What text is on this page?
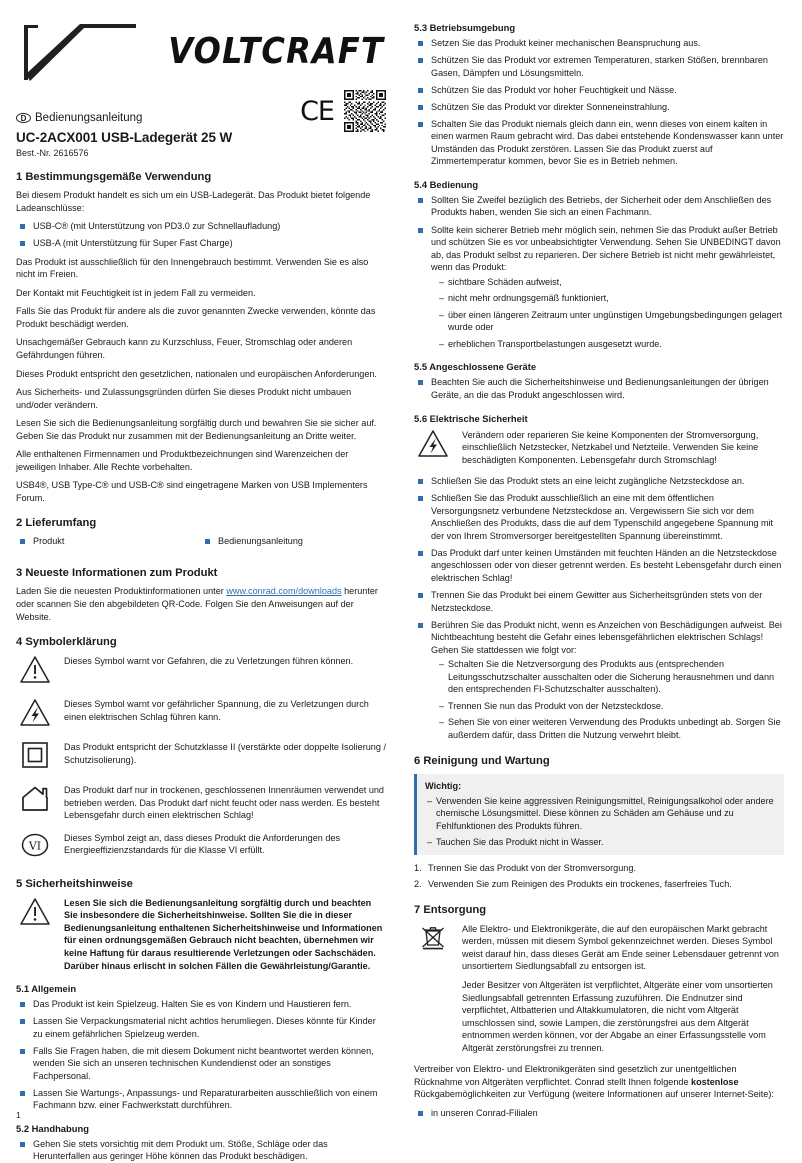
VOLTCRAFT
D Bedienungsanleitung
UC-2ACX001 USB-Ladegerät 25 W
Best.-Nr. 2616576
CE
1 Bestimmungsgemäße Verwendung

Bei diesem Produkt handelt es sich um ein USB-Ladegerät. Das Produkt bietet folgende Ladeanschlüsse:

USB-C® (mit Unterstützung von PD3.0 zur Schnellaufladung)
USB-A (mit Unterstützung für Super Fast Charge)

Das Produkt ist ausschließlich für den Innengebrauch bestimmt. Verwenden Sie es also nicht im Freien.

Der Kontakt mit Feuchtigkeit ist in jedem Fall zu vermeiden.

Falls Sie das Produkt für andere als die zuvor genannten Zwecke verwenden, könnte das Produkt beschädigt werden.

Unsachgemäßer Gebrauch kann zu Kurzschluss, Feuer, Stromschlag oder anderen Gefährdungen führen.

Dieses Produkt entspricht den gesetzlichen, nationalen und europäischen Anforderungen.

Aus Sicherheits- und Zulassungsgründen dürfen Sie dieses Produkt nicht umbauen und/oder verändern.

Lesen Sie sich die Bedienungsanleitung sorgfältig durch und bewahren Sie sie sicher auf. Geben Sie das Produkt nur zusammen mit der Bedienungsanleitung an Dritte weiter.

Alle enthaltenen Firmennamen und Produktbezeichnungen sind Warenzeichen der jeweiligen Inhaber. Alle Rechte vorbehalten.

USB4®, USB Type-C® und USB-C® sind eingetragene Marken von USB Implementers Forum.

2 Lieferumfang
Produkt	Bedienungsanleitung
3 Neueste Informationen zum Produkt

Laden Sie die neuesten Produktinformationen unter www.conrad.com/downloads herunter oder scannen Sie den abgebildeten QR-Code. Folgen Sie den Anweisungen auf der Website.

4 Symbolerklärung
Dieses Symbol warnt vor Gefahren, die zu Verletzungen führen können.
Dieses Symbol warnt vor gefährlicher Spannung, die zu Verletzungen durch einen elektrischen Schlag führen kann.
Das Produkt entspricht der Schutzklasse II (verstärkte oder doppelte Isolierung / Schutzisolierung).
Das Produkt darf nur in trockenen, geschlossenen Innenräumen verwendet und betrieben werden. Das Produkt darf nicht feucht oder nass werden. Es besteht Lebensgefahr durch einen elektrischen Schlag!
VI
Dieses Symbol zeigt an, dass dieses Produkt die Anforderungen des Energieeffizienzstandards für die Klasse VI erfüllt.
5 Sicherheitshinweise
Lesen Sie sich die Bedienungsanleitung sorgfältig durch und beachten Sie insbesondere die Sicherheitshinweise. Sollten Sie die in dieser Bedienungsanleitung enthaltenen Sicherheitshinweise und Informationen für einen ordnungsgemäßen Gebrauch nicht beachten, übernehmen wir keine Haftung für daraus resultierende Verletzungen oder Sachschäden. Darüber hinaus erlischt in solchen Fällen die Gewährleistung/Garantie.
5.1 Allgemein
Das Produkt ist kein Spielzeug. Halten Sie es von Kindern und Haustieren fern.
Lassen Sie Verpackungsmaterial nicht achtlos herumliegen. Dieses könnte für Kinder zu einem gefährlichen Spielzeug werden.
Falls Sie Fragen haben, die mit diesem Dokument nicht beantwortet werden können, wenden Sie sich an unseren technischen Kundendienst oder an sonstiges Fachpersonal.
Lassen Sie Wartungs-, Anpassungs- und Reparaturarbeiten ausschließlich von einem Fachmann bzw. einer Fachwerkstatt durchführen.
5.2 Handhabung
Gehen Sie stets vorsichtig mit dem Produkt um. Stöße, Schläge oder das Herunterfallen aus geringer Höhe können das Produkt beschädigen.
5.3 Betriebsumgebung
Setzen Sie das Produkt keiner mechanischen Beanspruchung aus.
Schützen Sie das Produkt vor extremen Temperaturen, starken Stößen, brennbaren Gasen, Dämpfen und Lösungsmitteln.
Schützen Sie das Produkt vor hoher Feuchtigkeit und Nässe.
Schützen Sie das Produkt vor direkter Sonneneinstrahlung.
Schalten Sie das Produkt niemals gleich dann ein, wenn dieses von einem kalten in einen warmen Raum gebracht wird. Das dabei entstehende Kondenswasser kann unter Umständen das Produkt zerstören. Lassen Sie das Produkt zuerst auf Zimmertemperatur kommen, bevor Sie es in Betrieb nehmen.
5.4 Bedienung
Sollten Sie Zweifel bezüglich des Betriebs, der Sicherheit oder dem Anschließen des Produkts haben, wenden Sie sich an einen Fachmann.
Sollte kein sicherer Betrieb mehr möglich sein, nehmen Sie das Produkt außer Betrieb und schützen Sie es vor unbeabsichtigter Verwendung. Sehen Sie UNBEDINGT davon ab, das Produkt selbst zu reparieren. Der sichere Betrieb ist nicht mehr gewährleistet, wenn das Produkt:
– sichtbare Schäden aufweist,
– nicht mehr ordnungsgemäß funktioniert,
– über einen längeren Zeitraum unter ungünstigen Umgebungsbedingungen gelagert wurde oder
– erheblichen Transportbelastungen ausgesetzt wurde.
5.5 Angeschlossene Geräte
Beachten Sie auch die Sicherheitshinweise und Bedienungsanleitungen der übrigen Geräte, an die das Produkt angeschlossen wird.
5.6 Elektrische Sicherheit
Verändern oder reparieren Sie keine Komponenten der Stromversorgung, einschließlich Netzstecker, Netzkabel und Netzteile. Verwenden Sie keine beschädigten Komponenten. Lebensgefahr durch Stromschlag!
Schließen Sie das Produkt stets an eine leicht zugängliche Netzsteckdose an.
Schließen Sie das Produkt ausschließlich an eine mit dem öffentlichen Versorgungsnetz verbundene Netzsteckdose an. Vergewissern Sie sich vor dem Anschließen des Produkts, dass die auf dem Typenschild angegebene Spannung mit der von Ihrem Stromversorger bereitgestellten Spannung übereinstimmt.
Das Produkt darf unter keinen Umständen mit feuchten Händen an die Netzsteckdose angeschlossen oder von dieser getrennt werden. Es besteht Lebensgefahr durch einen elektrischen Schlag!
Trennen Sie das Produkt bei einem Gewitter aus Sicherheitsgründen stets von der Netzsteckdose.
Berühren Sie das Produkt nicht, wenn es Anzeichen von Beschädigungen aufweist. Bei Nichtbeachtung besteht die Gefahr eines lebensgefährlichen elektrischen Schlags! Gehen Sie stattdessen wie folgt vor:
– Schalten Sie die Netzversorgung des Produkts aus (entsprechenden Leitungsschutzschalter ausschalten oder die Sicherung herausnehmen und dann den entsprechenden FI-Schutzschalter ausschalten).
– Trennen Sie nun das Produkt von der Netzsteckdose.
– Sehen Sie von einer weiteren Verwendung des Produkts unbedingt ab. Sorgen Sie außerdem dafür, dass Dritten die Nutzung verwehrt bleibt.
6 Reinigung und Wartung

Wichtig:

– Verwenden Sie keine aggressiven Reinigungsmittel, Reinigungsalkohol oder andere chemische Lösungsmittel. Diese können zu Schäden am Gehäuse und zu Fehlfunktionen des Produkts führen.
– Tauchen Sie das Produkt nicht in Wasser.
Trennen Sie das Produkt von der Stromversorgung.
Verwenden Sie zum Reinigen des Produkts ein trockenes, faserfreies Tuch.
7 Entsorgung

Alle Elektro- und Elektronikgeräte, die auf den europäischen Markt gebracht werden, müssen mit diesem Symbol gekennzeichnet werden. Dieses Symbol weist darauf hin, dass dieses Gerät am Ende seiner Lebensdauer getrennt von unsortiertem Siedlungsabfall zu entsorgen ist.

Jeder Besitzer von Altgeräten ist verpflichtet, Altgeräte einer vom unsortierten Siedlungsabfall getrennten Erfassung zuzuführen. Die Endnutzer sind verpflichtet, Altbatterien und Altakkumulatoren, die nicht vom Altgerät umschlossen sind, sowie Lampen, die zerstörungsfrei aus dem Altgerät entnommen werden können, vor der Abgabe an einer Erfassungsstelle vom Altgerät zerstörungsfrei zu trennen.

Vertreiber von Elektro- und Elektronikgeräten sind gesetzlich zur unentgeltlichen Rücknahme von Altgeräten verpflichtet. Conrad stellt Ihnen folgende kostenlose Rückgabemöglichkeiten zur Verfügung (weitere Informationen auf unserer Internet-Seite):

in unseren Conrad-Filialen
1
